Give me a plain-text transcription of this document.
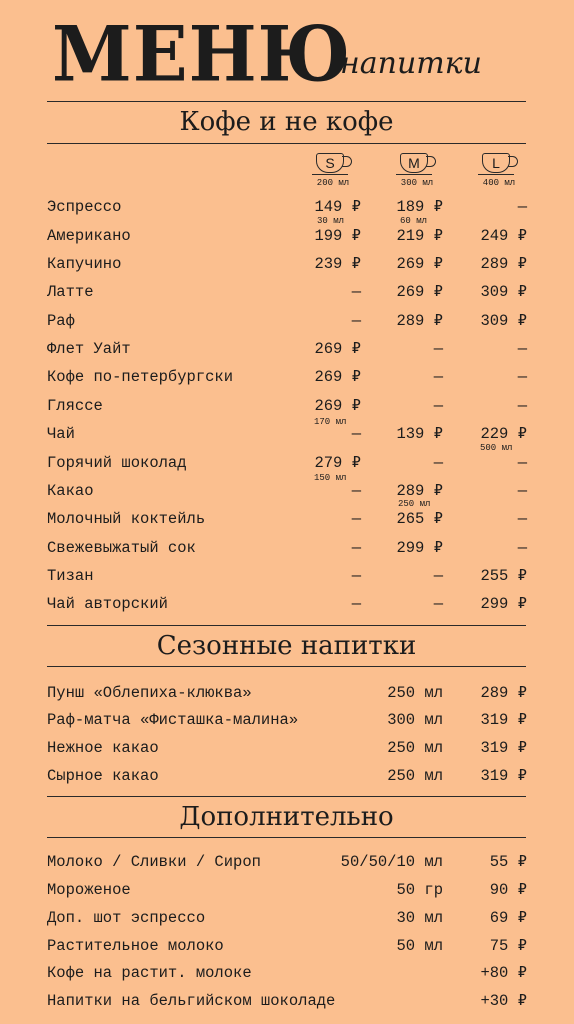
МЕНЮ
напитки
Кофе и не кофе
S
200 мл
M
300 мл
L
400 мл
Эспрессо	149 ₽ 189 ₽	—
30 мл	60 мл
Американо	199 ₽ 219 ₽ 249 ₽
Капучино	239 ₽ 269 ₽ 289 ₽
Латте	— 269 ₽ 309 ₽
Раф	— 289 ₽ 309 ₽
Флет Уайт	269 ₽	—	—
Кофе по-петербургски	269 ₽	—	—
Гляссе	269 ₽	—	—
170 мл
Чай	— 139 ₽ 229 ₽
500 мл
Горячий шоколад	279 ₽	—	—
150 мл
Какао	— 289 ₽	—
250 мл
Молочный коктейль	— 265 ₽	—
Свежевыжатый сок	— 299 ₽	—
Тизан	—	— 255 ₽
Чай авторский	—	— 299 ₽
Сезонные напитки
Пунш «Облепиха-клюква»	250 мл 289 ₽
Раф-матча «Фисташка-малина»	300 мл 319 ₽
Нежное какао	250 мл 319 ₽
Сырное какао	250 мл 319 ₽
Дополнительно
Молоко / Сливки / Сироп	50/50/10 мл	55 ₽
Мороженое	50 гр	90 ₽
Доп. шот эспрессо	30 мл	69 ₽
Растительное молоко	50 мл	75 ₽
Кофе на растит. молоке	+80 ₽
Напитки на бельгийском шоколаде	+30 ₽
